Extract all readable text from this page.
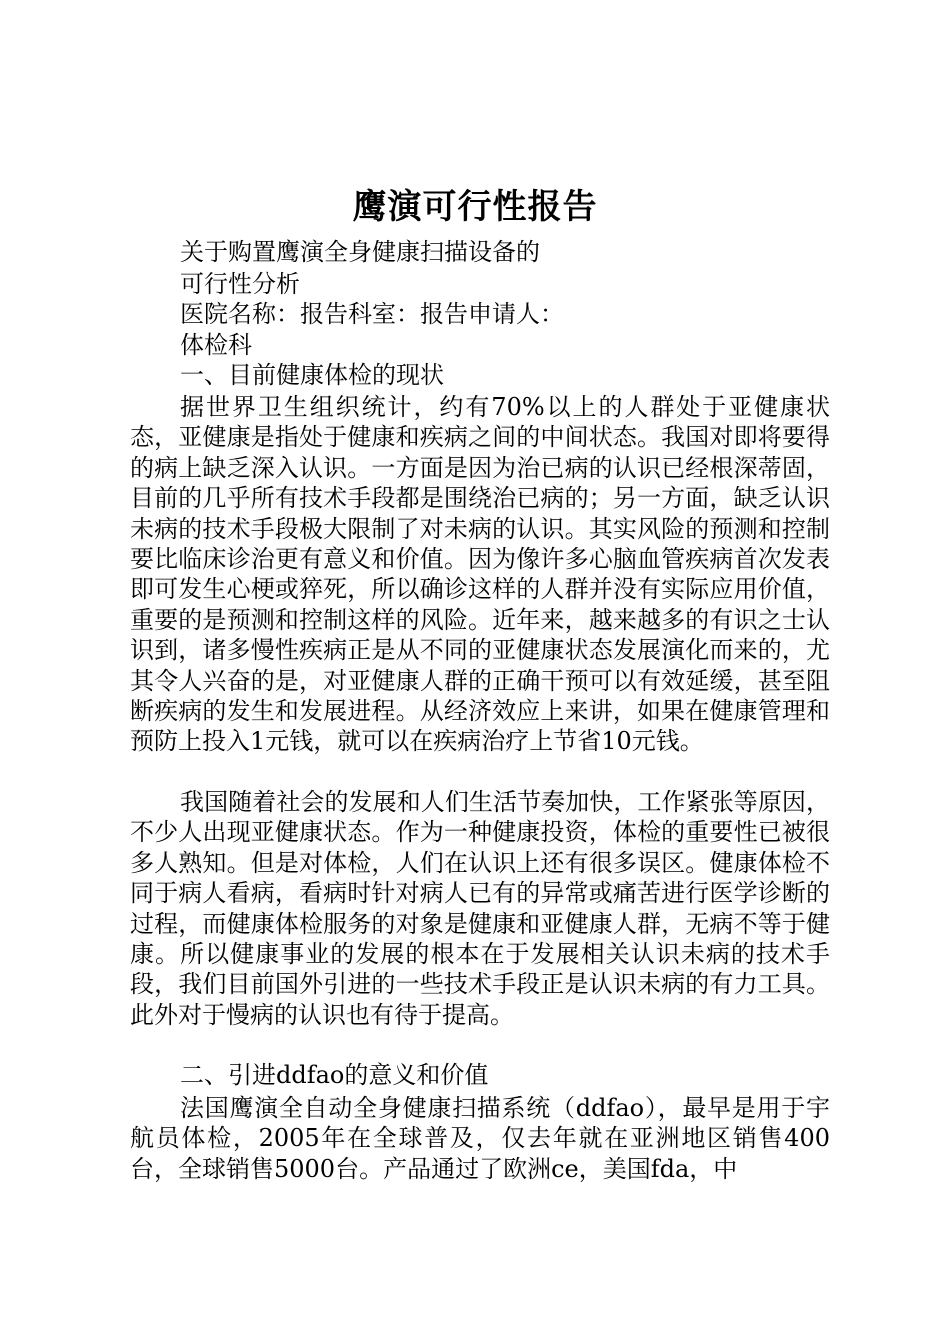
鹰演可行性报告
关于购置鹰演全身健康扫描设备的
可行性分析
医院名称：报告科室：报告申请人：
体检科
一、目前健康体检的现状

据世界卫生组织统计，约有70%以上的人群处于亚健康状态，亚健康是指处于健康和疾病之间的中间状态。我国对即将要得的病上缺乏深入认识。一方面是因为治已病的认识已经根深蒂固，目前的几乎所有技术手段都是围绕治已病的；另一方面，缺乏认识未病的技术手段极大限制了对未病的认识。其实风险的预测和控制要比临床诊治更有意义和价值。因为像许多心脑血管疾病首次发表即可发生心梗或猝死，所以确诊这样的人群并没有实际应用价值，重要的是预测和控制这样的风险。近年来，越来越多的有识之士认识到，诸多慢性疾病正是从不同的亚健康状态发展演化而来的，尤其令人兴奋的是，对亚健康人群的正确干预可以有效延缓，甚至阻断疾病的发生和发展进程。从经济效应上来讲，如果在健康管理和预防上投入1元钱，就可以在疾病治疗上节省10元钱。

我国随着社会的发展和人们生活节奏加快，工作紧张等原因，不少人出现亚健康状态。作为一种健康投资，体检的重要性已被很多人熟知。但是对体检，人们在认识上还有很多误区。健康体检不同于病人看病，看病时针对病人已有的异常或痛苦进行医学诊断的过程，而健康体检服务的对象是健康和亚健康人群，无病不等于健康。所以健康事业的发展的根本在于发展相关认识未病的技术手段，我们目前国外引进的一些技术手段正是认识未病的有力工具。此外对于慢病的认识也有待于提高。

二、引进ddfao的意义和价值

法国鹰演全自动全身健康扫描系统（ddfao），最早是用于宇航员体检，2005年在全球普及，仅去年就在亚洲地区销售400台，全球销售5000台。产品通过了欧洲ce，美国fda，中
